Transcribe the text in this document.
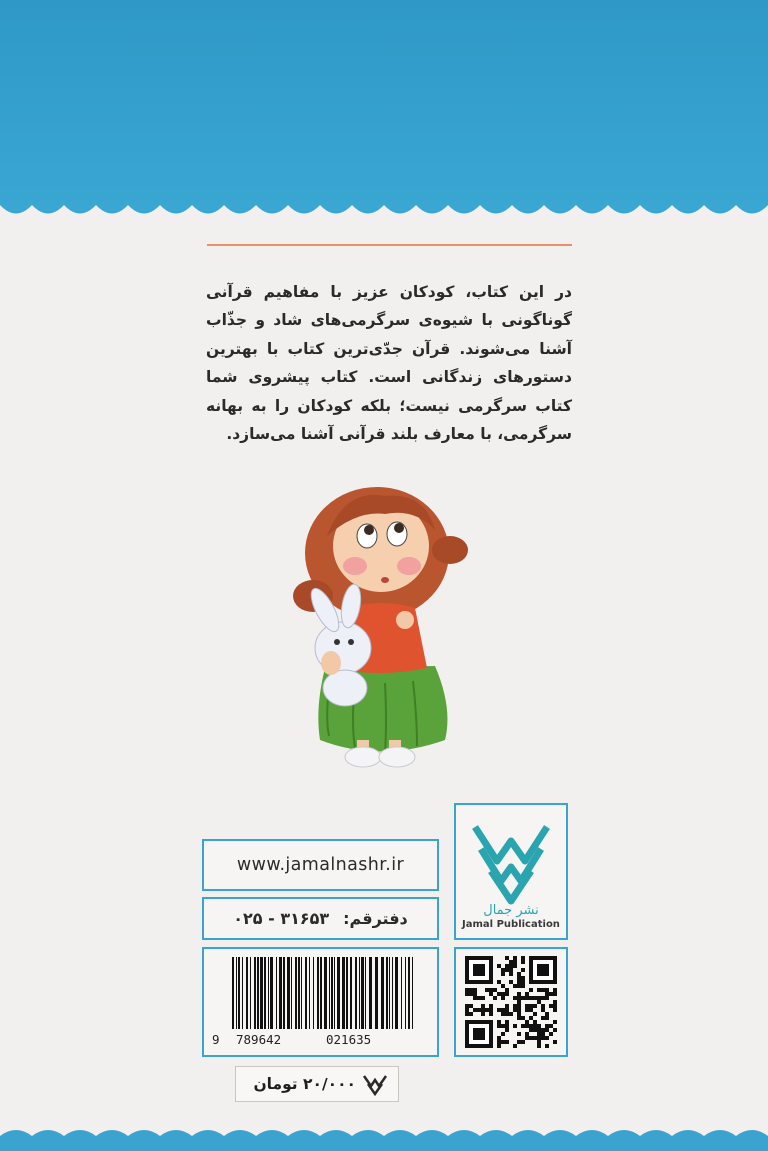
در این کتاب، کودکان عزیز با مفاهیم قرآنی گوناگونی با شیوه‌ی سرگرمی‌های شاد و جذّاب آشنا می‌شوند. قرآن جدّی‌ترین کتاب با بهترین دستورهای زندگانی است. کتاب پیشروی شما کتاب سرگرمی نیست؛ بلکه کودکان را به بهانه سرگرمی، با معارف بلند قرآنی آشنا می‌سازد.

www.jamalnashr.ir
دفترقم:
۰۲۵ - ۳۱۶۵۳
9 789642	021635
نشر جمال
Jamal Publication
۲۰/۰۰۰ تومان
